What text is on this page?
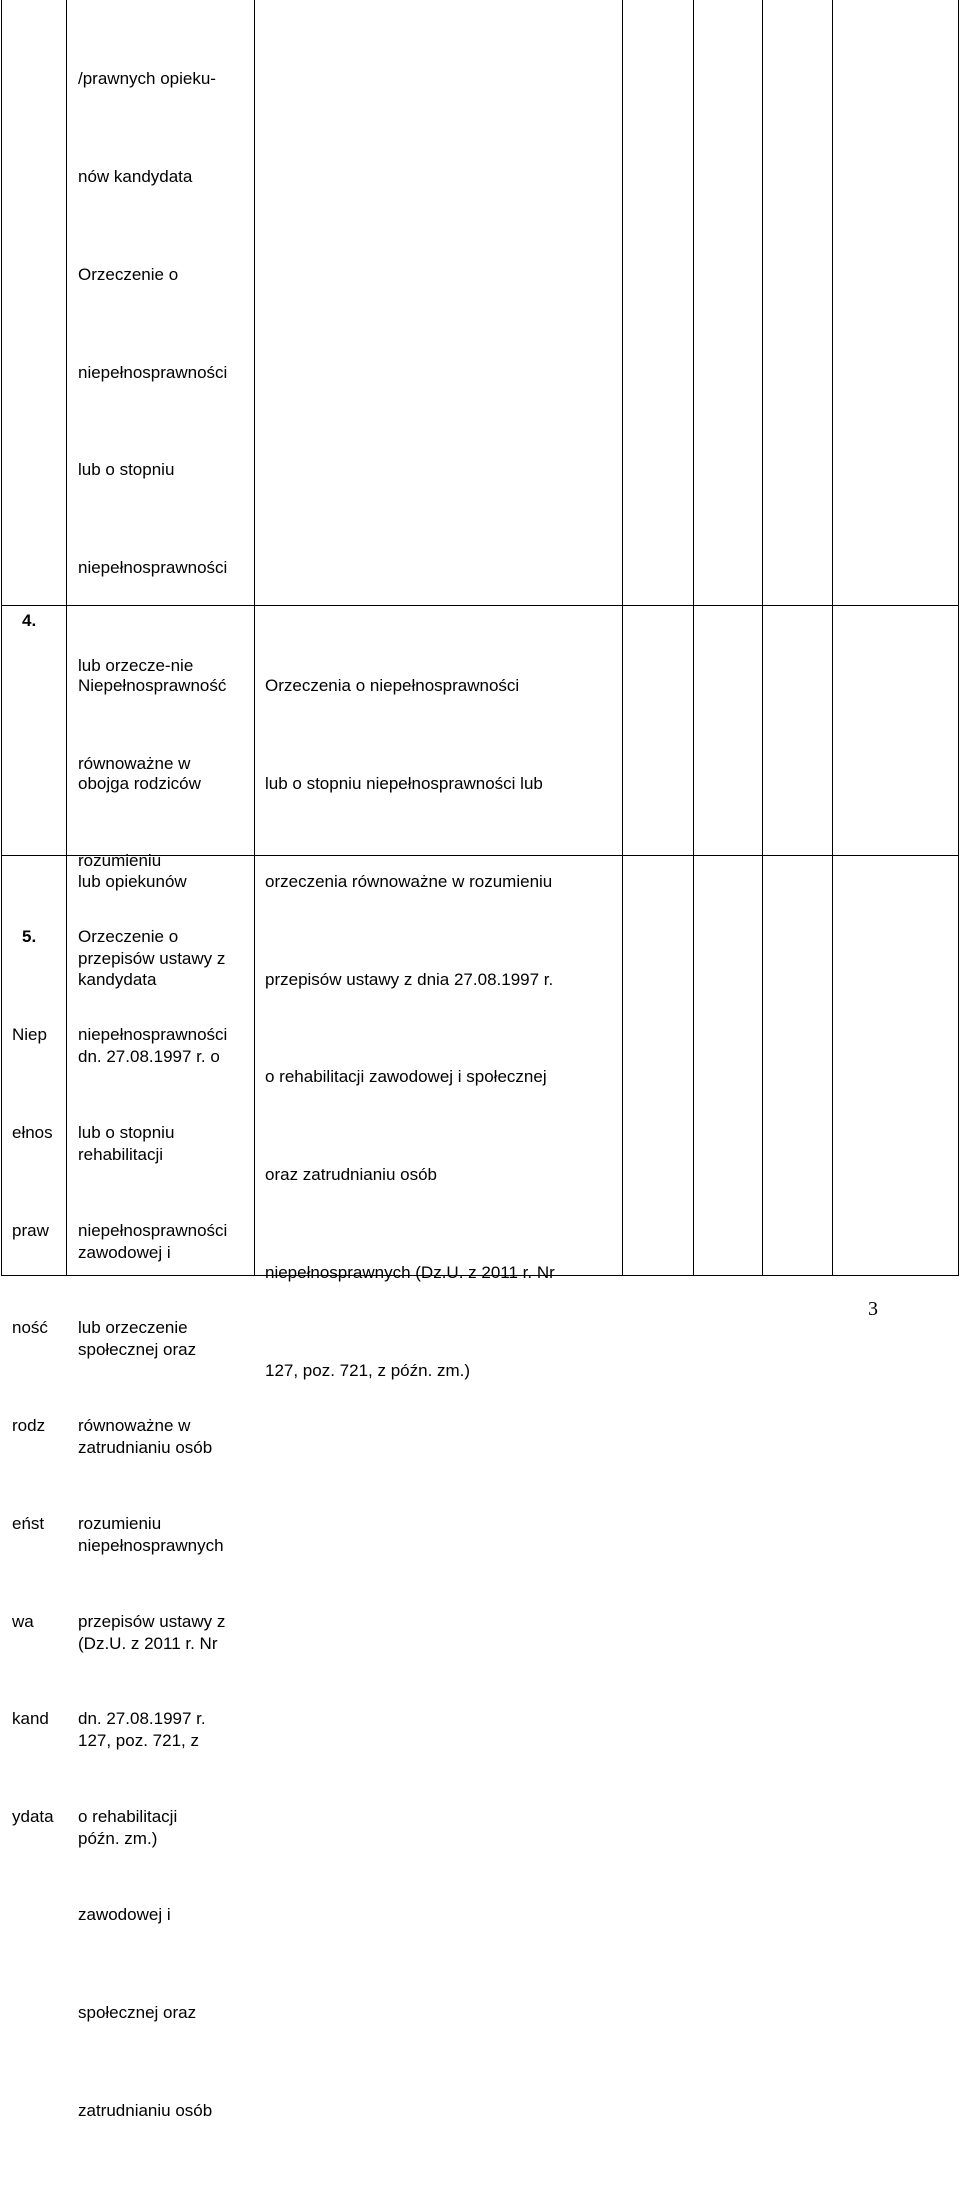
/prawnych opieku-

nów kandydata

Orzeczenie o

niepełnosprawności

lub o stopniu

niepełnosprawności

lub orzecze-nie

równoważne w

rozumieniu

przepisów ustawy z

dn. 27.08.1997 r. o

rehabilitacji

zawodowej i

społecznej oraz

zatrudnianiu osób

niepełnosprawnych

(Dz.U. z 2011 r. Nr

127, poz. 721, z

późn. zm.)

4.

Niepełnosprawność

obojga rodziców

lub opiekunów

kandydata

Orzeczenia o niepełnosprawności

lub o stopniu niepełnosprawności lub

orzeczenia równoważne w rozumieniu

przepisów ustawy z dnia 27.08.1997 r.

o rehabilitacji zawodowej i społecznej

oraz zatrudnianiu osób

niepełnosprawnych (Dz.U. z 2011 r. Nr

127, poz. 721, z późn. zm.)

5.

Niep

ełnos

praw

ność

rodz

eńst

wa

kand

ydata

Orzeczenie o

niepełnosprawności

lub o stopniu

niepełnosprawności

lub orzeczenie

równoważne w

rozumieniu

przepisów ustawy z

dn. 27.08.1997 r.

o rehabilitacji

zawodowej i

społecznej oraz

zatrudnianiu osób

3
